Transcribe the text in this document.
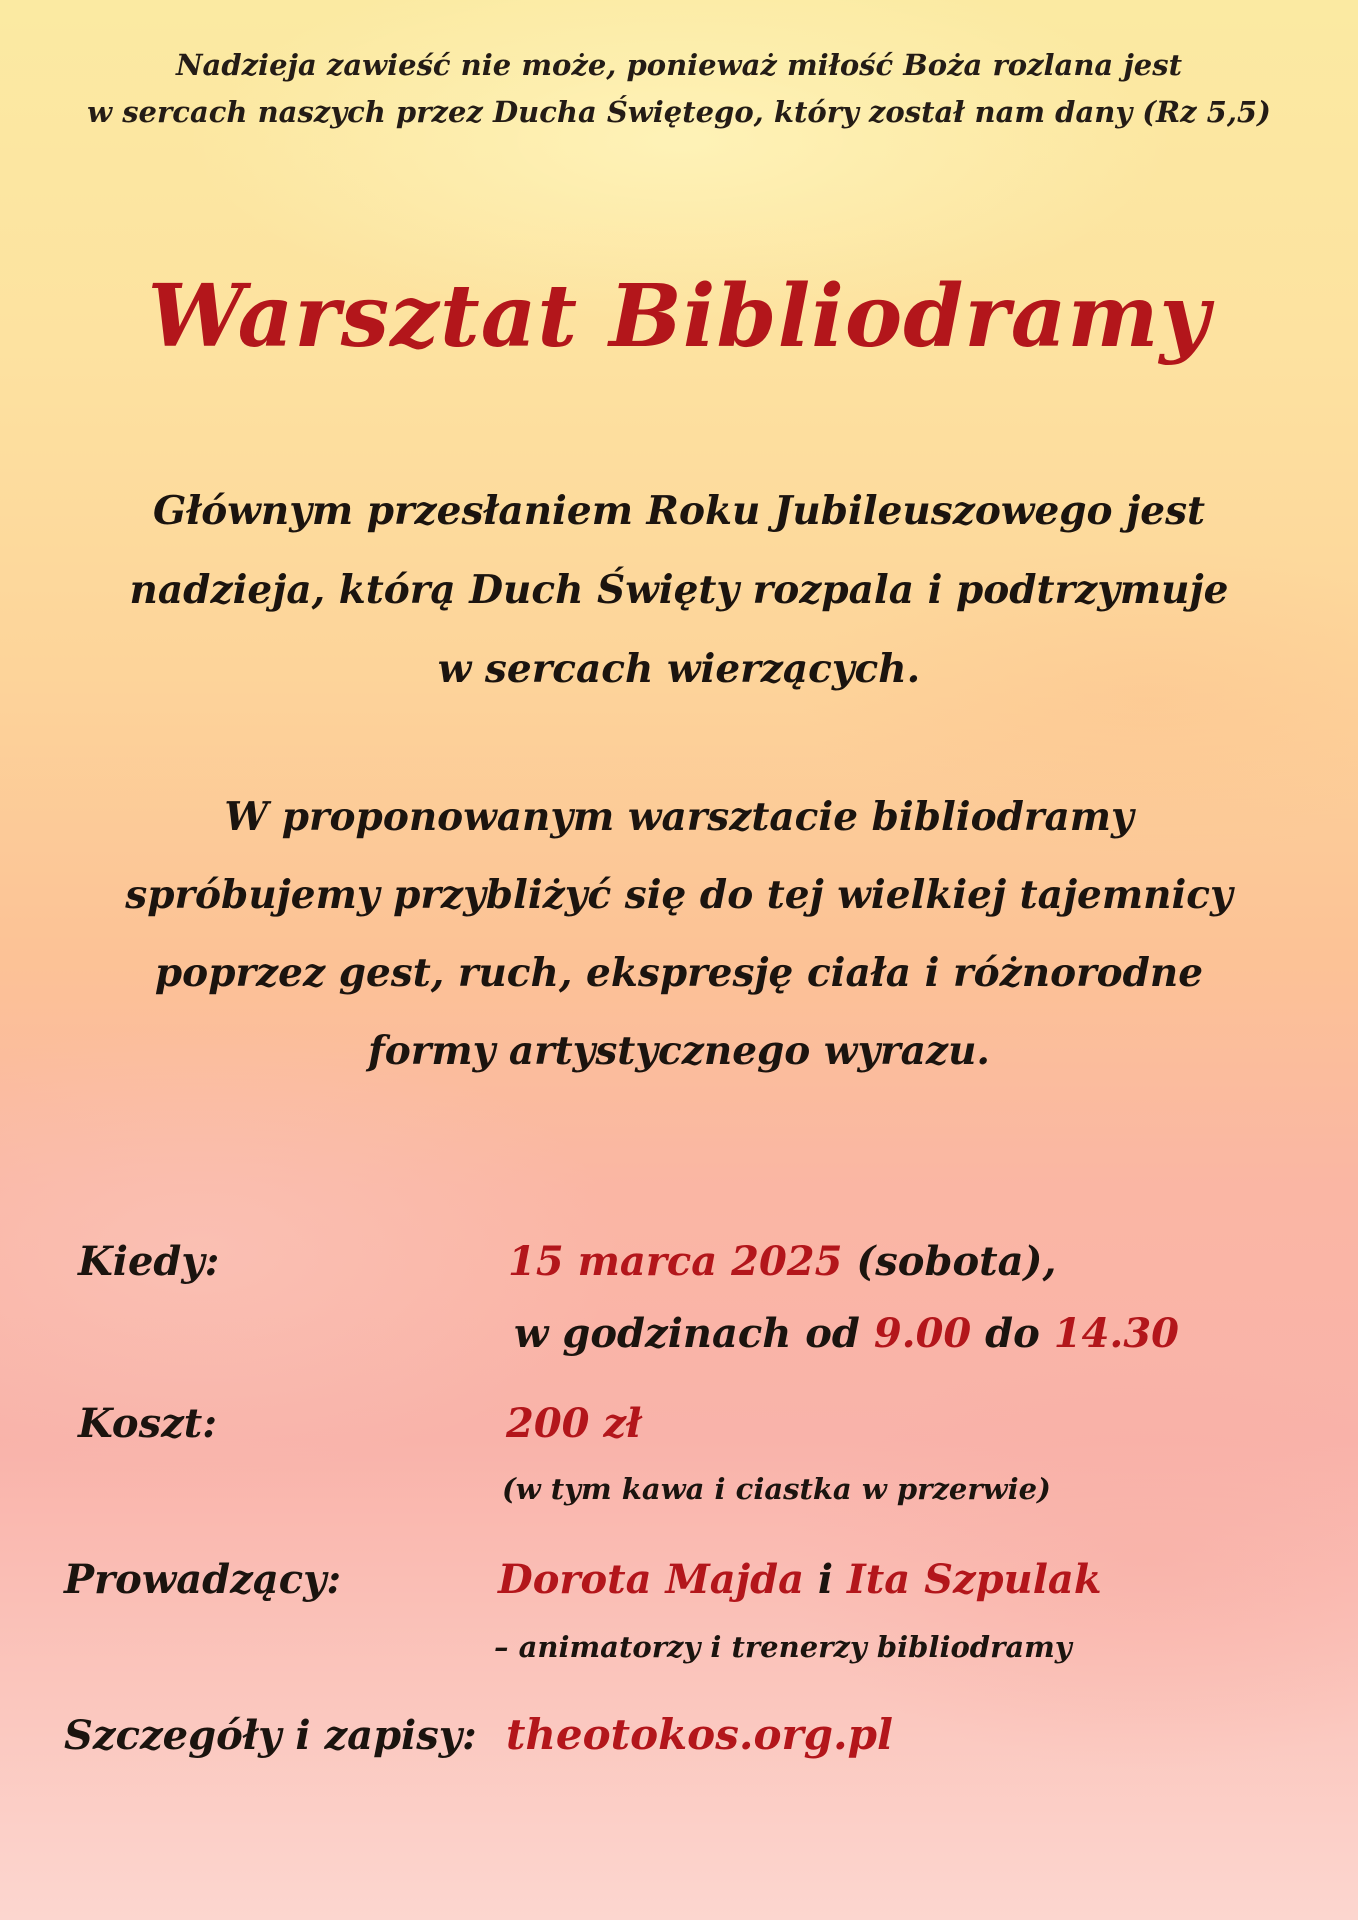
Nadzieja zawieść nie może, ponieważ miłość Boża rozlana jest
w sercach naszych przez Ducha Świętego, który został nam dany (Rz 5,5)
Warsztat Bibliodramy
Głównym przesłaniem Roku Jubileuszowego jest
nadzieja, którą Duch Święty rozpala i podtrzymuje
w sercach wierzących.
W proponowanym warsztacie bibliodramy
spróbujemy przybliżyć się do tej wielkiej tajemnicy
poprzez gest, ruch, ekspresję ciała i różnorodne
formy artystycznego wyrazu.
Kiedy:	15 marca 2025 (sobota),
w godzinach od 9.00 do 14.30
Koszt:	200 zł
(w tym kawa i ciastka w przerwie)
Prowadzący:	Dorota Majda i Ita Szpulak
– animatorzy i trenerzy bibliodramy
Szczegóły i zapisy: theotokos.org.pl
